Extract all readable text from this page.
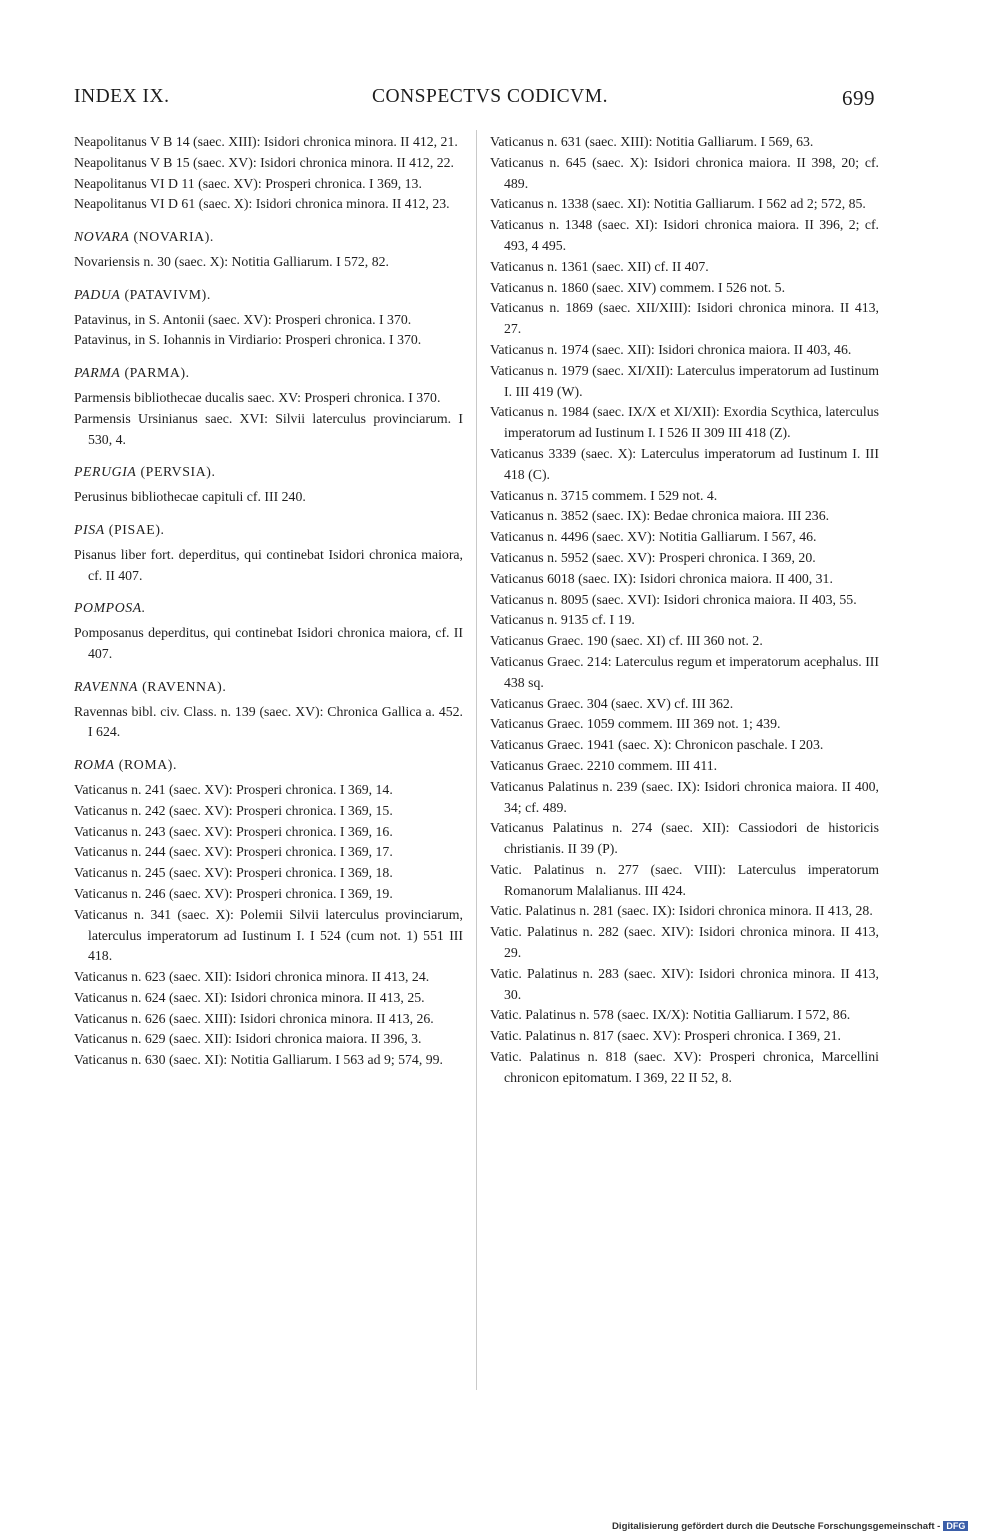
INDEX IX.	CONSPECTVS CODICVM.	699
Neapolitanus V B 14 (saec. XIII): Isidori chronica minora. II 412, 21.
Neapolitanus V B 15 (saec. XV): Isidori chronica minora. II 412, 22.
Neapolitanus VI D 11 (saec. XV): Prosperi chronica. I 369, 13.
Neapolitanus VI D 61 (saec. X): Isidori chronica minora. II 412, 23.
NOVARA (NOVARIA).
Novariensis n. 30 (saec. X): Notitia Galliarum. I 572, 82.
PADUA (PATAVIVM).
Patavinus, in S. Antonii (saec. XV): Prosperi chronica. I 370.
Patavinus, in S. Iohannis in Virdiario: Prosperi chronica. I 370.
PARMA (PARMA).
Parmensis bibliothecae ducalis saec. XV: Prosperi chronica. I 370.
Parmensis Ursinianus saec. XVI: Silvii laterculus provinciarum. I 530, 4.
PERUGIA (PERVSIA).
Perusinus bibliothecae capituli cf. III 240.
PISA (PISAE).
Pisanus liber fort. deperditus, qui continebat Isidori chronica maiora, cf. II 407.
POMPOSA.
Pomposanus deperditus, qui continebat Isidori chronica maiora, cf. II 407.
RAVENNA (RAVENNA).
Ravennas bibl. civ. Class. n. 139 (saec. XV): Chronica Gallica a. 452. I 624.
ROMA (ROMA).
Vaticanus n. 241 (saec. XV): Prosperi chronica. I 369, 14.
Vaticanus n. 242 (saec. XV): Prosperi chronica. I 369, 15.
Vaticanus n. 243 (saec. XV): Prosperi chronica. I 369, 16.
Vaticanus n. 244 (saec. XV): Prosperi chronica. I 369, 17.
Vaticanus n. 245 (saec. XV): Prosperi chronica. I 369, 18.
Vaticanus n. 246 (saec. XV): Prosperi chronica. I 369, 19.
Vaticanus n. 341 (saec. X): Polemii Silvii laterculus provinciarum, laterculus imperatorum ad Iustinum I. I 524 (cum not. 1) 551 III 418.
Vaticanus n. 623 (saec. XII): Isidori chronica minora. II 413, 24.
Vaticanus n. 624 (saec. XI): Isidori chronica minora. II 413, 25.
Vaticanus n. 626 (saec. XIII): Isidori chronica minora. II 413, 26.
Vaticanus n. 629 (saec. XII): Isidori chronica maiora. II 396, 3.
Vaticanus n. 630 (saec. XI): Notitia Galliarum. I 563 ad 9; 574, 99.
Vaticanus n. 631 (saec. XIII): Notitia Galliarum. I 569, 63.
Vaticanus n. 645 (saec. X): Isidori chronica maiora. II 398, 20; cf. 489.
Vaticanus n. 1338 (saec. XI): Notitia Galliarum. I 562 ad 2; 572, 85.
Vaticanus n. 1348 (saec. XI): Isidori chronica maiora. II 396, 2; cf. 493, 4 495.
Vaticanus n. 1361 (saec. XII) cf. II 407.
Vaticanus n. 1860 (saec. XIV) commem. I 526 not. 5.
Vaticanus n. 1869 (saec. XII/XIII): Isidori chronica minora. II 413, 27.
Vaticanus n. 1974 (saec. XII): Isidori chronica maiora. II 403, 46.
Vaticanus n. 1979 (saec. XI/XII): Laterculus imperatorum ad Iustinum I. III 419 (W).
Vaticanus n. 1984 (saec. IX/X et XI/XII): Exordia Scythica, laterculus imperatorum ad Iustinum I. I 526 II 309 III 418 (Z).
Vaticanus 3339 (saec. X): Laterculus imperatorum ad Iustinum I. III 418 (C).
Vaticanus n. 3715 commem. I 529 not. 4.
Vaticanus n. 3852 (saec. IX): Bedae chronica maiora. III 236.
Vaticanus n. 4496 (saec. XV): Notitia Galliarum. I 567, 46.
Vaticanus n. 5952 (saec. XV): Prosperi chronica. I 369, 20.
Vaticanus 6018 (saec. IX): Isidori chronica maiora. II 400, 31.
Vaticanus n. 8095 (saec. XVI): Isidori chronica maiora. II 403, 55.
Vaticanus n. 9135 cf. I 19.
Vaticanus Graec. 190 (saec. XI) cf. III 360 not. 2.
Vaticanus Graec. 214: Laterculus regum et imperatorum acephalus. III 438 sq.
Vaticanus Graec. 304 (saec. XV) cf. III 362.
Vaticanus Graec. 1059 commem. III 369 not. 1; 439.
Vaticanus Graec. 1941 (saec. X): Chronicon paschale. I 203.
Vaticanus Graec. 2210 commem. III 411.
Vaticanus Palatinus n. 239 (saec. IX): Isidori chronica maiora. II 400, 34; cf. 489.
Vaticanus Palatinus n. 274 (saec. XII): Cassiodori de historicis christianis. II 39 (P).
Vatic. Palatinus n. 277 (saec. VIII): Laterculus imperatorum Romanorum Malalianus. III 424.
Vatic. Palatinus n. 281 (saec. IX): Isidori chronica minora. II 413, 28.
Vatic. Palatinus n. 282 (saec. XIV): Isidori chronica minora. II 413, 29.
Vatic. Palatinus n. 283 (saec. XIV): Isidori chronica minora. II 413, 30.
Vatic. Palatinus n. 578 (saec. IX/X): Notitia Galliarum. I 572, 86.
Vatic. Palatinus n. 817 (saec. XV): Prosperi chronica. I 369, 21.
Vatic. Palatinus n. 818 (saec. XV): Prosperi chronica, Marcellini chronicon epitomatum. I 369, 22 II 52, 8.
Digitalisierung gefördert durch die Deutsche Forschungsgemeinschaft - DFG
